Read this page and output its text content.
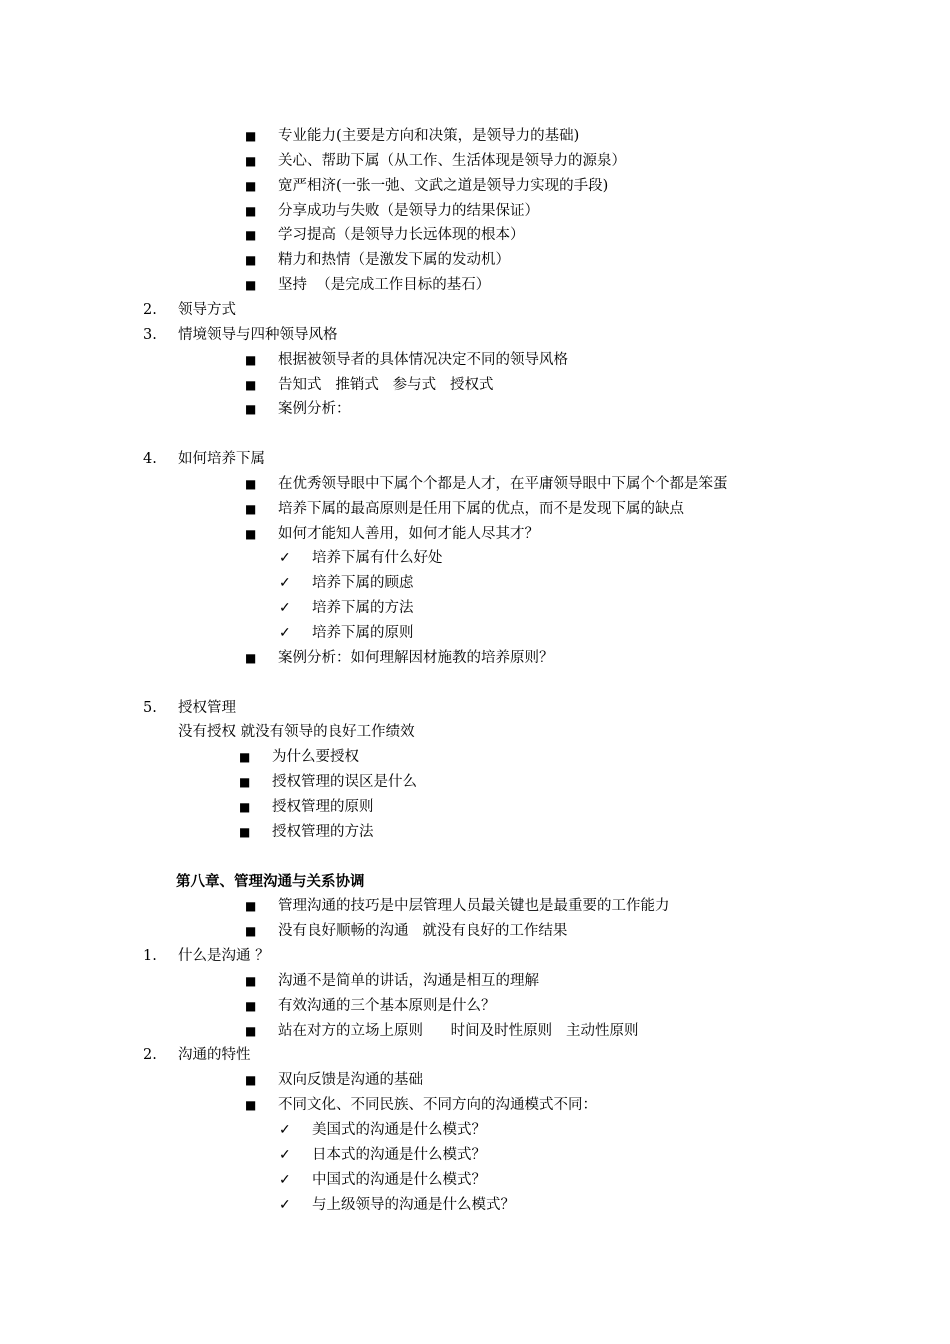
■ 专业能力(主要是方向和决策，是领导力的基础)
■ 关心、帮助下属（从工作、生活体现是领导力的源泉）
■ 宽严相济(一张一弛、文武之道是领导力实现的手段)
■ 分享成功与失败（是领导力的结果保证）
■ 学习提高（是领导力长远体现的根本）
■ 精力和热情（是激发下属的发动机）
■ 坚持  （是完成工作目标的基石）
2. 领导方式
3. 情境领导与四种领导风格
■ 根据被领导者的具体情况决定不同的领导风格
■ 告知式   推销式   参与式   授权式
■ 案例分析：
4. 如何培养下属
■ 在优秀领导眼中下属个个都是人才，在平庸领导眼中下属个个都是笨蛋
■ 培养下属的最高原则是任用下属的优点，而不是发现下属的缺点
■ 如何才能知人善用，如何才能人尽其才？
✓ 培养下属有什么好处
✓ 培养下属的顾虑
✓ 培养下属的方法
✓ 培养下属的原则
■ 案例分析：如何理解因材施教的培养原则？
5. 授权管理
没有授权 就没有领导的良好工作绩效
■ 为什么要授权
■ 授权管理的误区是什么
■ 授权管理的原则
■ 授权管理的方法
第八章、管理沟通与关系协调
■ 管理沟通的技巧是中层管理人员最关键也是最重要的工作能力
■ 没有良好顺畅的沟通   就没有良好的工作结果
1. 什么是沟通 ？
■ 沟通不是简单的讲话，沟通是相互的理解
■ 有效沟通的三个基本原则是什么？
■ 站在对方的立场上原则      时间及时性原则   主动性原则
2. 沟通的特性
■ 双向反馈是沟通的基础
■ 不同文化、不同民族、不同方向的沟通模式不同：
✓ 美国式的沟通是什么模式？
✓ 日本式的沟通是什么模式？
✓ 中国式的沟通是什么模式？
✓ 与上级领导的沟通是什么模式？
